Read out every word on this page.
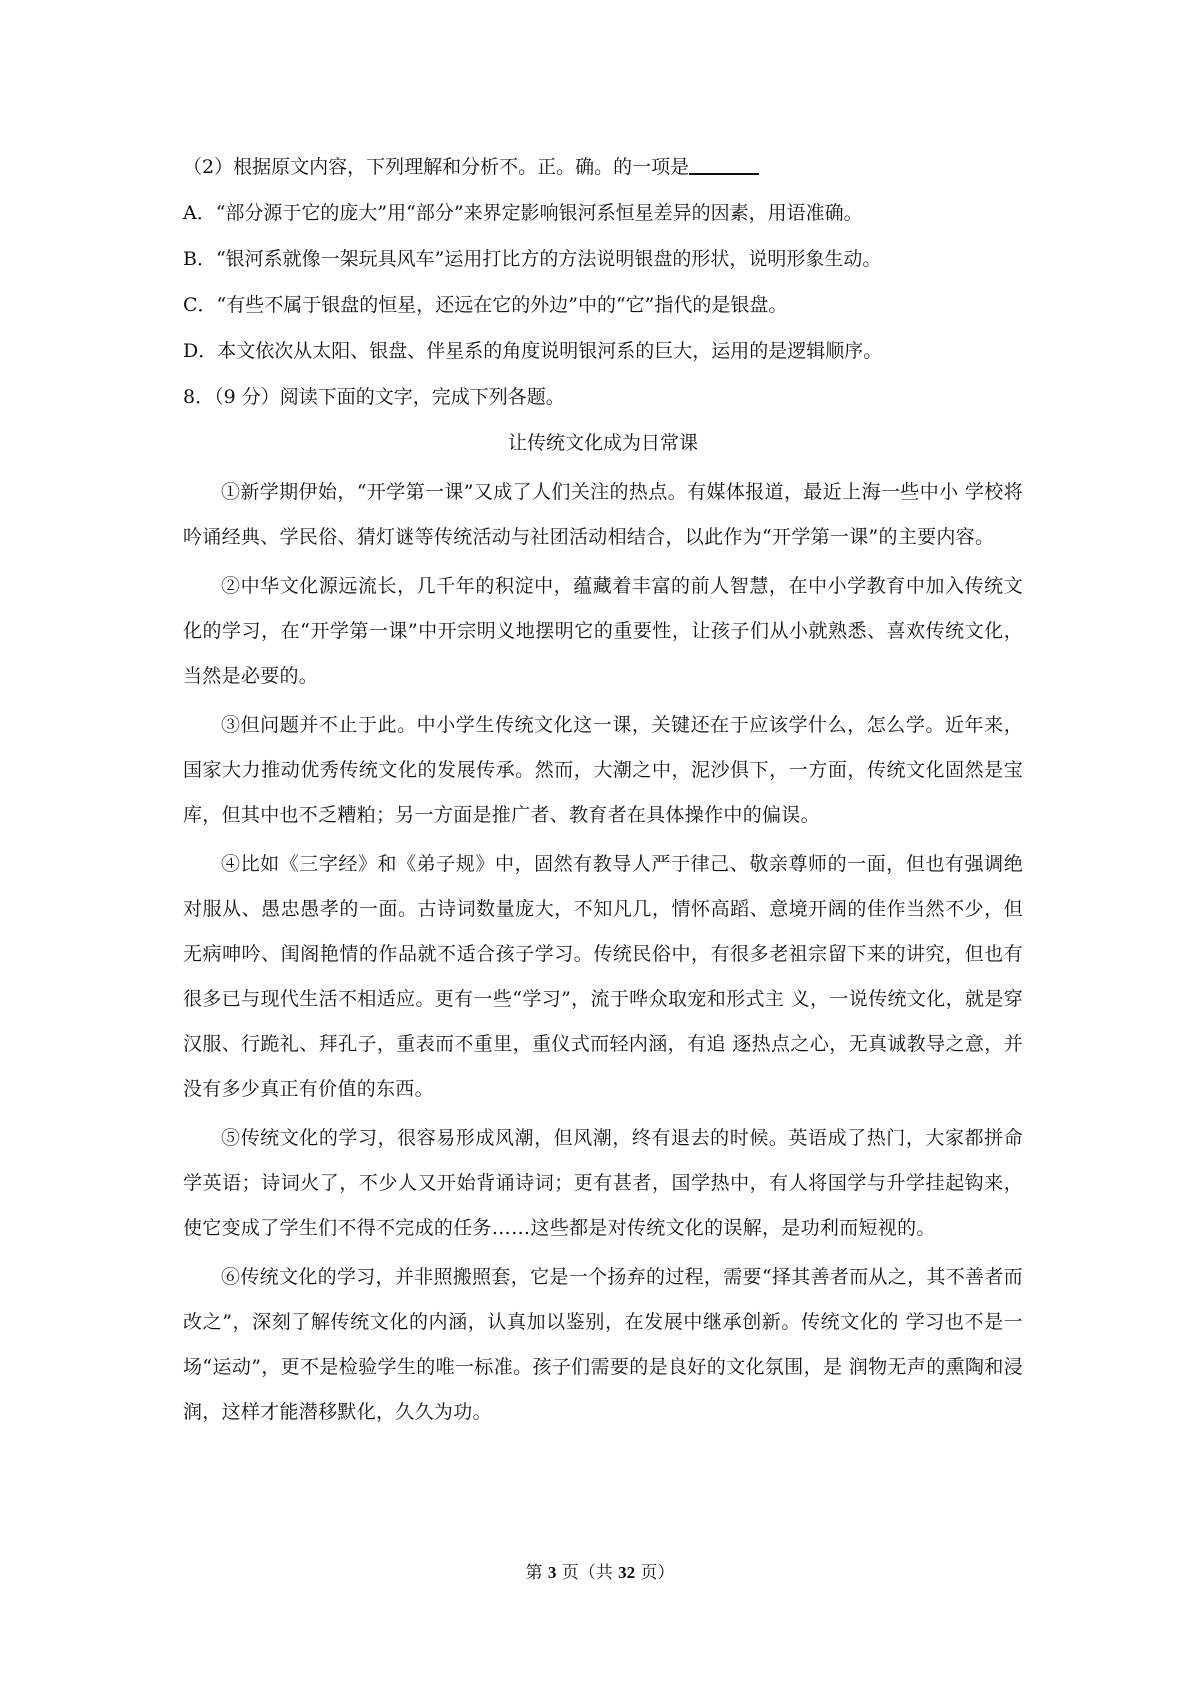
（2）根据原文内容，下列理解和分析不。正。确。的一项是
A．“部分源于它的庞大”用“部分”来界定影响银河系恒星差异的因素，用语准确。
B．“银河系就像一架玩具风车”运用打比方的方法说明银盘的形状，说明形象生动。
C．“有些不属于银盘的恒星，还远在它的外边”中的“它”指代的是银盘。
D．本文依次从太阳、银盘、伴星系的角度说明银河系的巨大，运用的是逻辑顺序。
8．（9 分）阅读下面的文字，完成下列各题。
让传统文化成为日常课

①新学期伊始，“开学第一课”又成了人们关注的热点。有媒体报道，最近上海一些中小 学校将吟诵经典、学民俗、猜灯谜等传统活动与社团活动相结合，以此作为“开学第一课”的主要内容。

②中华文化源远流长，几千年的积淀中，蕴藏着丰富的前人智慧，在中小学教育中加入传统文化的学习，在“开学第一课”中开宗明义地摆明它的重要性，让孩子们从小就熟悉、喜欢传统文化，当然是必要的。

③但问题并不止于此。中小学生传统文化这一课，关键还在于应该学什么，怎么学。近年来，国家大力推动优秀传统文化的发展传承。然而，大潮之中，泥沙俱下，一方面，传统文化固然是宝库，但其中也不乏糟粕；另一方面是推广者、教育者在具体操作中的偏误。

④比如《三字经》和《弟子规》中，固然有教导人严于律己、敬亲尊师的一面，但也有强调绝对服从、愚忠愚孝的一面。古诗词数量庞大，不知凡几，情怀高蹈、意境开阔的佳作当然不少，但无病呻吟、闺阁艳情的作品就不适合孩子学习。传统民俗中，有很多老祖宗留下来的讲究，但也有很多已与现代生活不相适应。更有一些“学习”，流于哗众取宠和形式主 义，一说传统文化，就是穿汉服、行跪礼、拜孔子，重表而不重里，重仪式而轻内涵，有追 逐热点之心，无真诚教导之意，并没有多少真正有价值的东西。

⑤传统文化的学习，很容易形成风潮，但风潮，终有退去的时候。英语成了热门，大家都拼命学英语；诗词火了，不少人又开始背诵诗词；更有甚者，国学热中，有人将国学与升学挂起钩来，使它变成了学生们不得不完成的任务……这些都是对传统文化的误解，是功利而短视的。

⑥传统文化的学习，并非照搬照套，它是一个扬弃的过程，需要“择其善者而从之，其不善者而改之”，深刻了解传统文化的内涵，认真加以鉴别，在发展中继承创新。传统文化的 学习也不是一场“运动”，更不是检验学生的唯一标准。孩子们需要的是良好的文化氛围，是 润物无声的熏陶和浸润，这样才能潜移默化，久久为功。

第 3 页（共 32 页）
